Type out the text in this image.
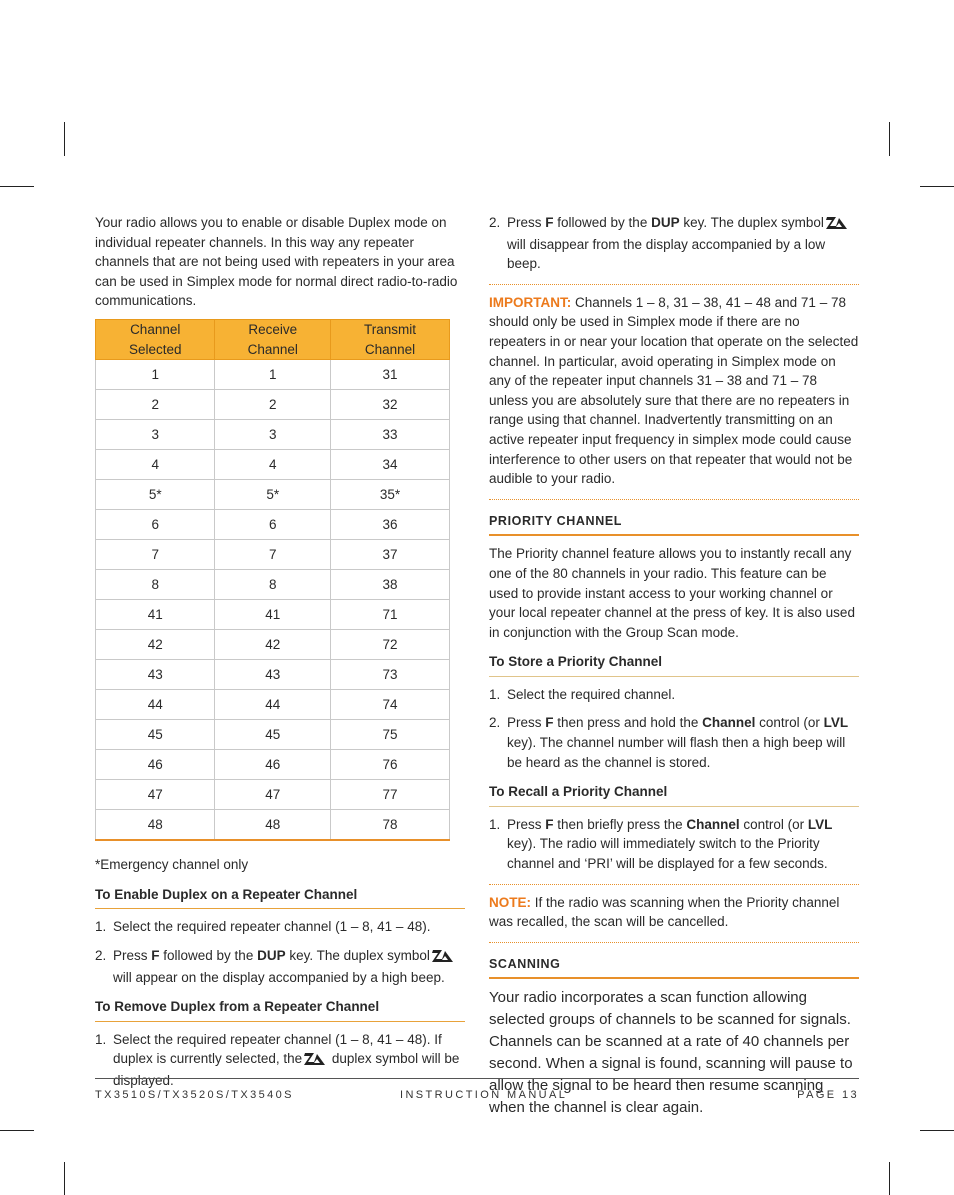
Your radio allows you to enable or disable Duplex mode on individual repeater channels. In this way any repeater channels that are not being used with repeaters in your area can be used in Simplex mode for normal direct radio-to-radio communications.

Channel Selected	Receive Channel	Transmit Channel
1	1	31
2	2	32
3	3	33
4	4	34
5*	5*	35*
6	6	36
7	7	37
8	8	38
41	41	71
42	42	72
43	43	73
44	44	74
45	45	75
46	46	76
47	47	77
48	48	78

*Emergency channel only

To Enable Duplex on a Repeater Channel
1. Select the required repeater channel (1 – 8, 41 – 48).
2. Press F followed by the DUP key. The duplex symbol will appear on the display accompanied by a high beep.
To Remove Duplex from a Repeater Channel
1. Select the required repeater channel (1 – 8, 41 – 48). If duplex is currently selected, the duplex symbol will be displayed.
2. Press F followed by the DUP key. The duplex symbol will disappear from the display accompanied by a low beep.

IMPORTANT: Channels 1 – 8, 31 – 38, 41 – 48 and 71 – 78 should only be used in Simplex mode if there are no repeaters in or near your location that operate on the selected channel. In particular, avoid operating in Simplex mode on any of the repeater input channels 31 – 38 and 71 – 78 unless you are absolutely sure that there are no repeaters in range using that channel. Inadvertently transmitting on an active repeater input frequency in simplex mode could cause interference to other users on that repeater that would not be audible to your radio.

PRIORITY CHANNEL

The Priority channel feature allows you to instantly recall any one of the 80 channels in your radio. This feature can be used to provide instant access to your working channel or your local repeater channel at the press of key. It is also used in conjunction with the Group Scan mode.

To Store a Priority Channel
1. Select the required channel.
2. Press F then press and hold the Channel control (or LVL key). The channel number will flash then a high beep will be heard as the channel is stored.
To Recall a Priority Channel
1. Press F then briefly press the Channel control (or LVL key). The radio will immediately switch to the Priority channel and ‘PRI’ will be displayed for a few seconds.

NOTE: If the radio was scanning when the Priority channel was recalled, the scan will be cancelled.

SCANNING

Your radio incorporates a scan function allowing selected groups of channels to be scanned for signals. Channels can be scanned at a rate of 40 channels per second. When a signal is found, scanning will pause to allow the signal to be heard then resume scanning when the channel is clear again.

TX3510S/TX3520S/TX3540S	INSTRUCTION MANUAL	PAGE 13
